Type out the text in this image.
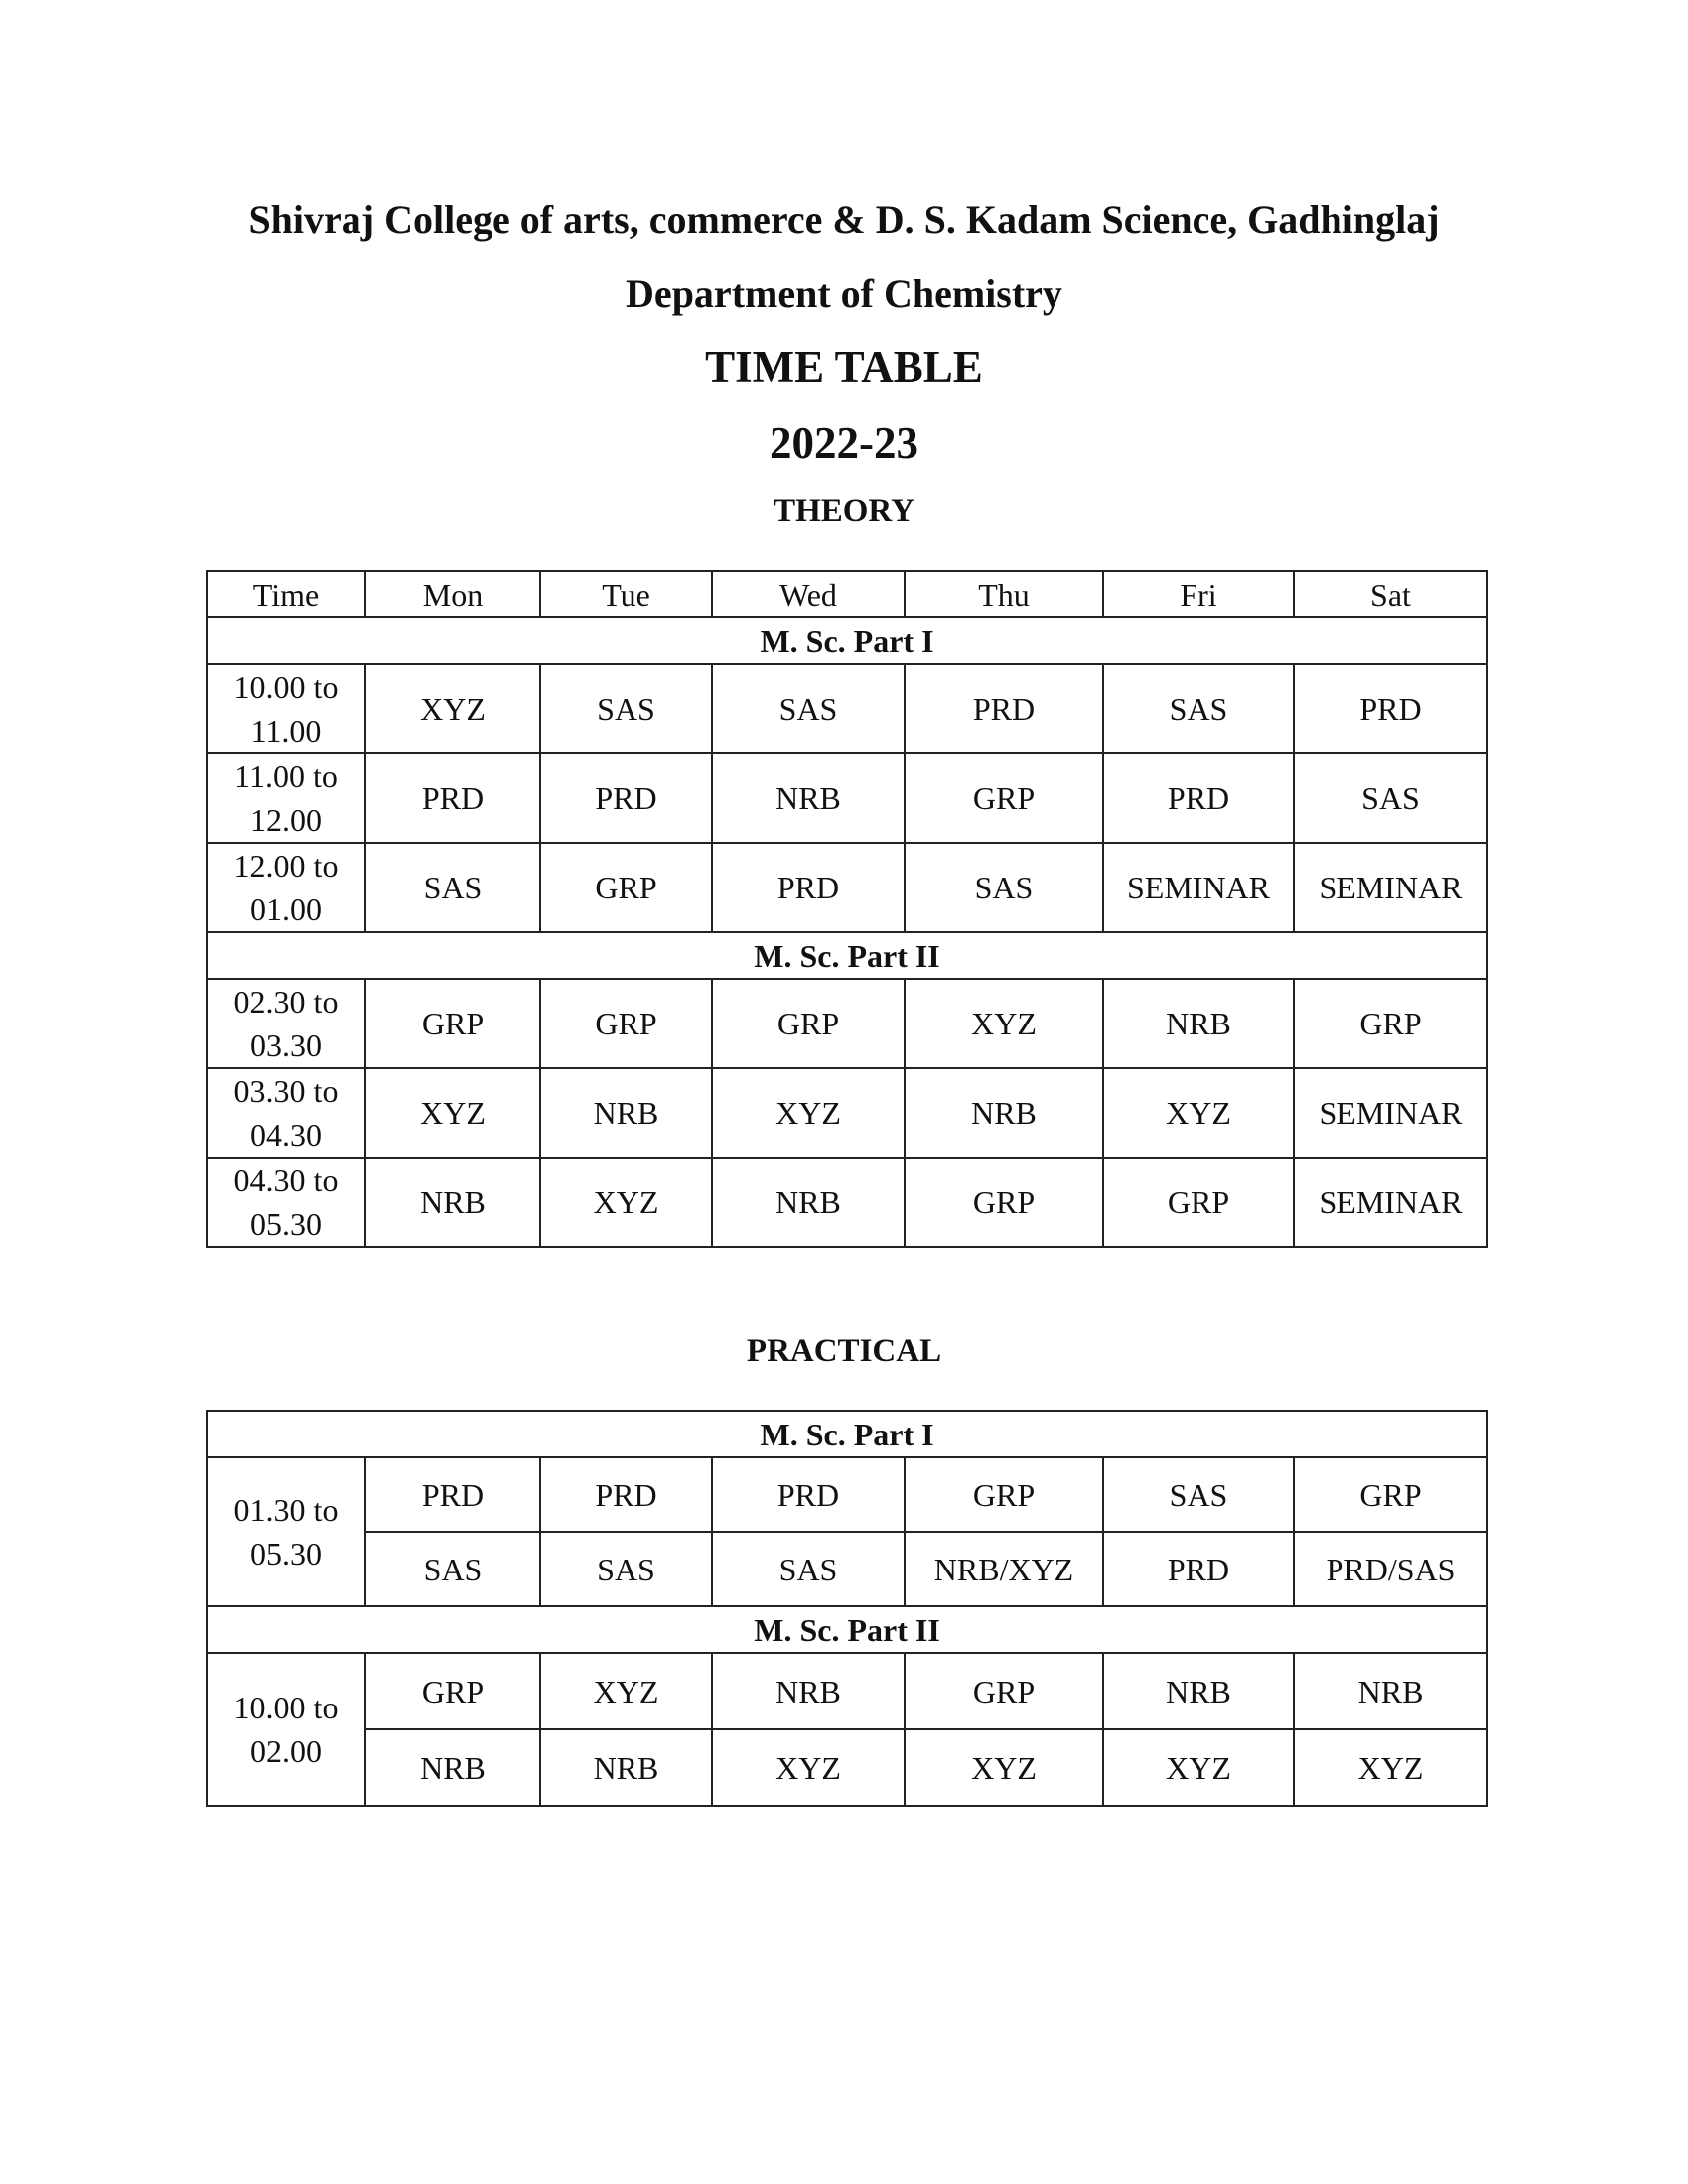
Shivraj College of arts, commerce & D. S. Kadam Science, Gadhinglaj
Department of Chemistry
TIME TABLE
2022-23
THEORY
Time	Mon	Tue	Wed	Thu	Fri	Sat
M. Sc. Part I						
10.00 to
11.00	XYZ	SAS	SAS	PRD	SAS	PRD
11.00 to
12.00	PRD	PRD	NRB	GRP	PRD	SAS
12.00 to
01.00	SAS	GRP	PRD	SAS	SEMINAR	SEMINAR
M. Sc. Part II						
02.30 to
03.30	GRP	GRP	GRP	XYZ	NRB	GRP
03.30 to
04.30	XYZ	NRB	XYZ	NRB	XYZ	SEMINAR
04.30 to
05.30	NRB	XYZ	NRB	GRP	GRP	SEMINAR
PRACTICAL
M. Sc. Part I						
01.30 to
05.30	PRD	PRD	PRD	GRP	SAS	GRP
	SAS	SAS	SAS	NRB/XYZ	PRD	PRD/SAS
M. Sc. Part II						
10.00 to
02.00	GRP	XYZ	NRB	GRP	NRB	NRB
	NRB	NRB	XYZ	XYZ	XYZ	XYZ
